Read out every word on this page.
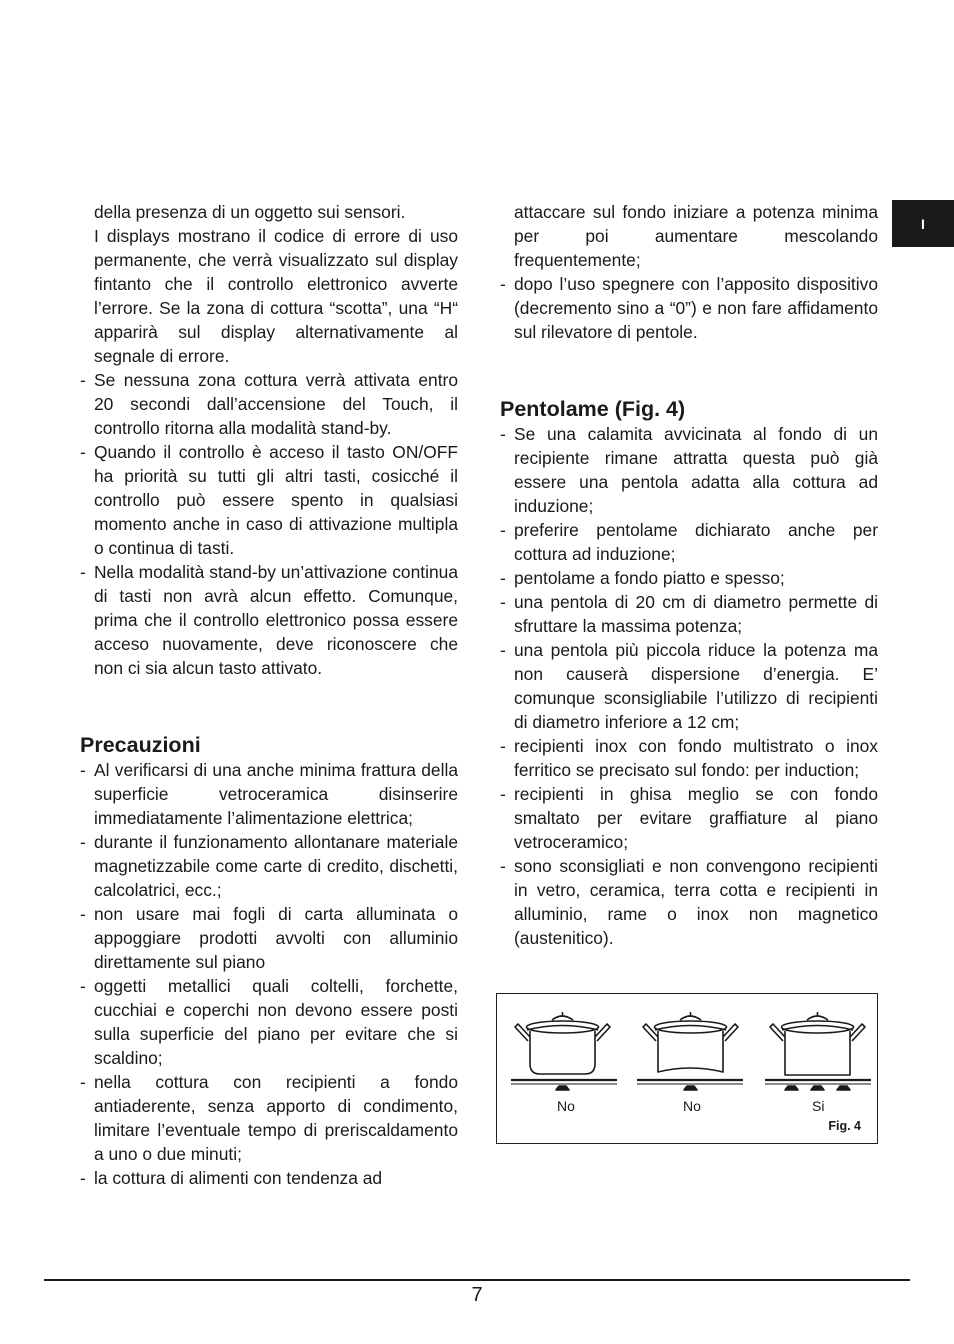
I
della presenza di un oggetto sui sensori.
I displays mostrano il codice di errore di uso permanente, che verrà visualizzato sul display fintanto che il controllo elettronico avverte l’errore. Se la zona di cottura “scotta”, una “H“ apparirà sul display alternativamente al segnale di errore.
- Se nessuna zona cottura verrà attivata entro 20 secondi dall’accensione del Touch, il controllo ritorna alla modalità stand-by.
- Quando il controllo è acceso il tasto ON/OFF ha priorità su tutti gli altri tasti, cosicché il controllo può essere spento in qualsiasi momento anche in caso di attivazione multipla o continua di tasti.
- Nella modalità stand-by un’attivazione continua di tasti non avrà alcun effetto. Comunque, prima che il controllo elettronico possa essere acceso nuovamente, deve riconoscere che non ci sia alcun tasto attivato.
Precauzioni
- Al verificarsi di una anche minima frattura della superficie vetroceramica disinserire immediatamente l’alimentazione elettrica;
- durante il funzionamento allontanare materiale magnetizzabile come carte di credito, dischetti, calcolatrici, ecc.;
- non usare mai fogli di carta alluminata o appoggiare prodotti avvolti con alluminio direttamente sul piano
- oggetti metallici quali coltelli, forchette, cucchiai e coperchi non devono essere posti sulla superficie del piano per evitare che si scaldino;
- nella cottura con recipienti a fondo antiaderente, senza apporto di condimento, limitare l’eventuale tempo di preriscaldamento a uno o due minuti;
- la cottura di alimenti con tendenza ad
attaccare sul fondo iniziare a potenza minima per poi aumentare mescolando frequentemente;
- dopo l’uso spegnere con l’apposito dispositivo (decremento sino a “0”) e non fare affidamento sul rilevatore di pentole.
Pentolame (Fig. 4)
- Se una calamita avvicinata al fondo di un recipiente rimane attratta questa può già essere una pentola adatta alla cottura ad induzione;
- preferire pentolame dichiarato anche per cottura ad induzione;
- pentolame a fondo piatto e spesso;
- una pentola di 20 cm di diametro permette di sfruttare la massima potenza;
- una pentola più piccola riduce la potenza ma non causerà dispersione d’energia. E’ comunque sconsigliabile l’utilizzo di recipienti di diametro inferiore a 12 cm;
- recipienti inox con fondo multistrato o inox ferritico se precisato sul fondo: per induction;
- recipienti in ghisa meglio se con fondo smaltato per evitare graffiature al piano vetroceramico;
- sono sconsigliati e non convengono recipienti in vetro, ceramica, terra cotta e recipienti in alluminio, rame o inox non magnetico (austenitico).
No	No	Si
Fig. 4
7
